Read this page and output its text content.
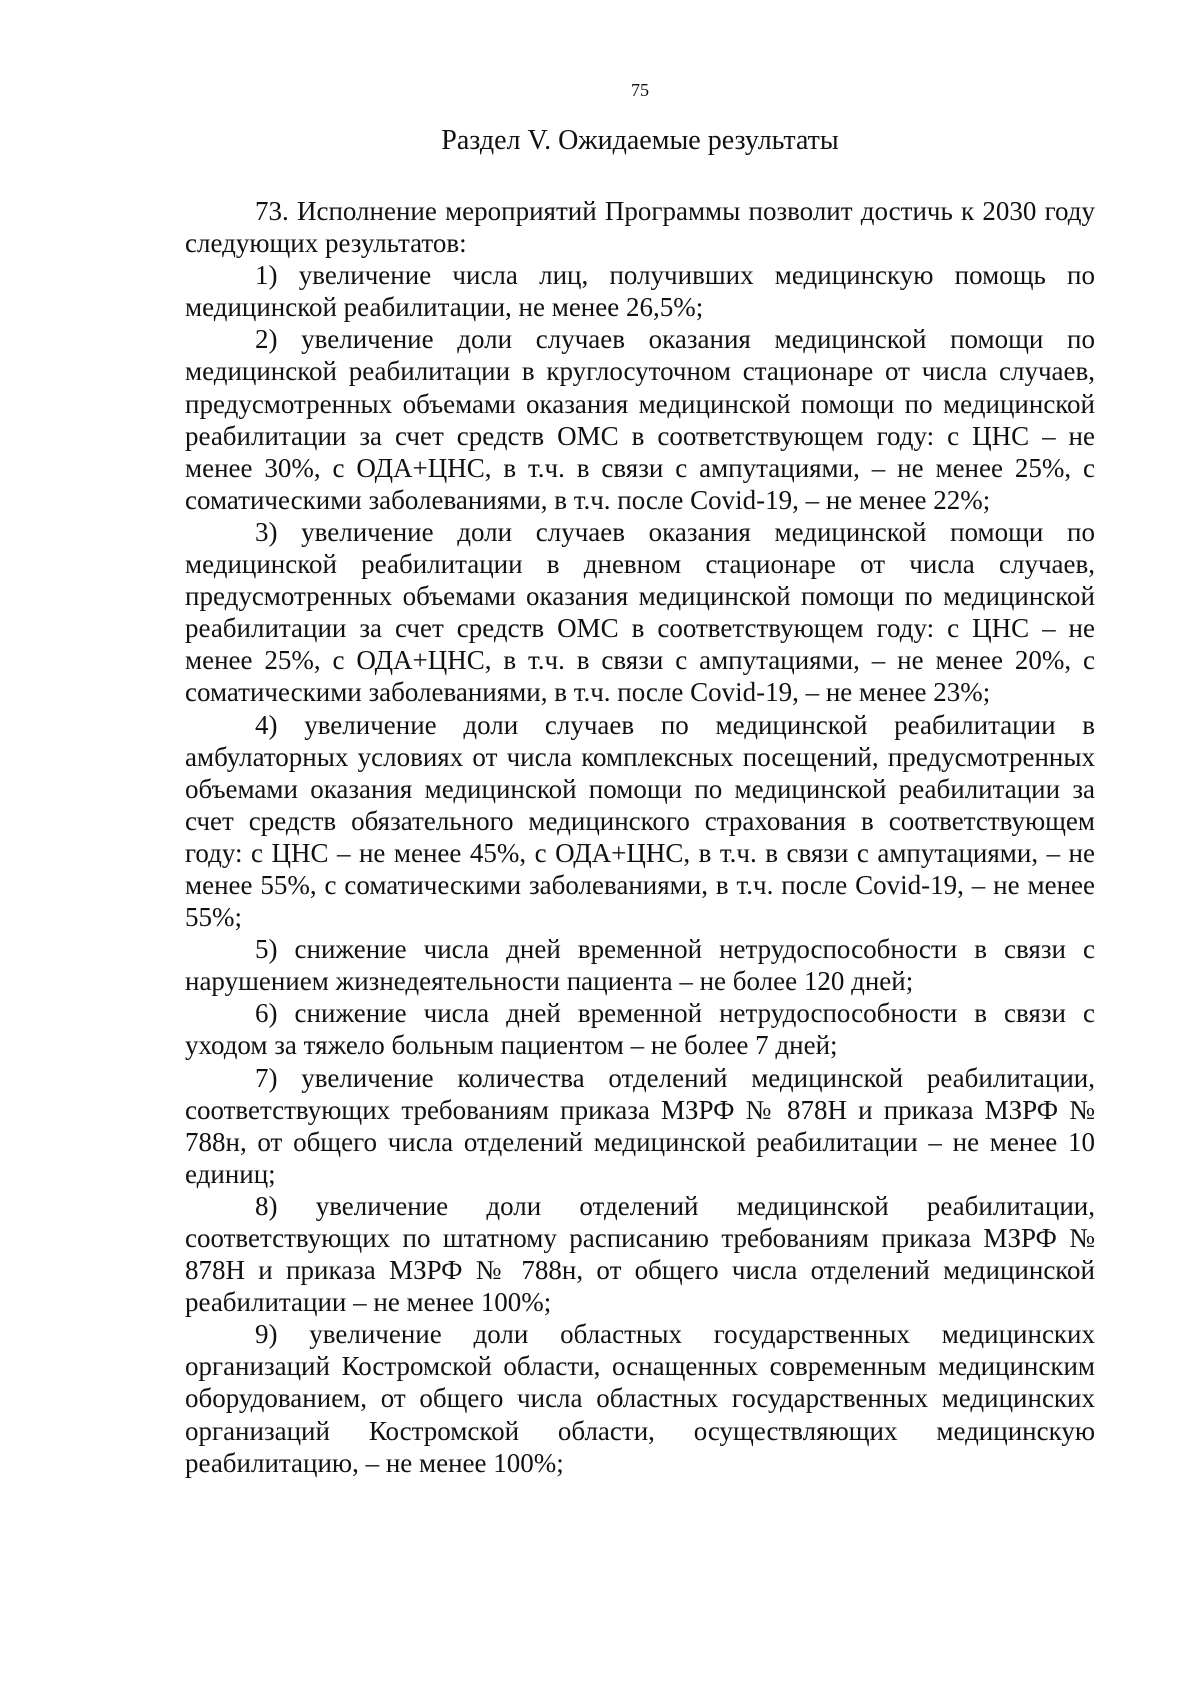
75
Раздел V. Ожидаемые результаты

73. Исполнение мероприятий Программы позволит достичь к 2030 году следующих результатов:

1) увеличение числа лиц, получивших медицинскую помощь по медицинской реабилитации, не менее 26,5%;

2) увеличение доли случаев оказания медицинской помощи по медицинской реабилитации в круглосуточном стационаре от числа случаев, предусмотренных объемами оказания медицинской помощи по медицинской реабилитации за счет средств ОМС в соответствующем году: с ЦНС – не менее 30%, с ОДА+ЦНС, в т.ч. в связи с ампутациями, – не менее 25%, с соматическими заболеваниями, в т.ч. после Covid-19, – не менее 22%;

3) увеличение доли случаев оказания медицинской помощи по медицинской реабилитации в дневном стационаре от числа случаев, предусмотренных объемами оказания медицинской помощи по медицинской реабилитации за счет средств ОМС в соответствующем году: с ЦНС – не менее 25%, с ОДА+ЦНС, в т.ч. в связи с ампутациями, – не менее 20%, с соматическими заболеваниями, в т.ч. после Covid-19, – не менее 23%;

4) увеличение доли случаев по медицинской реабилитации в амбулаторных условиях от числа комплексных посещений, предусмотренных объемами оказания медицинской помощи по медицинской реабилитации за счет средств обязательного медицинского страхования в соответствующем году: с ЦНС – не менее 45%, с ОДА+ЦНС, в т.ч. в связи с ампутациями, – не менее 55%, с соматическими заболеваниями, в т.ч. после Covid-19, – не менее 55%;

5) снижение числа дней временной нетрудоспособности в связи с нарушением жизнедеятельности пациента – не более 120 дней;

6) снижение числа дней временной нетрудоспособности в связи с уходом за тяжело больным пациентом – не более 7 дней;

7) увеличение количества отделений медицинской реабилитации, соответствующих требованиям приказа МЗРФ № 878Н и приказа МЗРФ № 788н, от общего числа отделений медицинской реабилитации – не менее 10 единиц;

8) увеличение доли отделений медицинской реабилитации, соответствующих по штатному расписанию требованиям приказа МЗРФ № 878Н и приказа МЗРФ № 788н, от общего числа отделений медицинской реабилитации – не менее 100%;

9) увеличение доли областных государственных медицинских организаций Костромской области, оснащенных современным медицинским оборудованием, от общего числа областных государственных медицинских организаций Костромской области, осуществляющих медицинскую реабилитацию, – не менее 100%;
